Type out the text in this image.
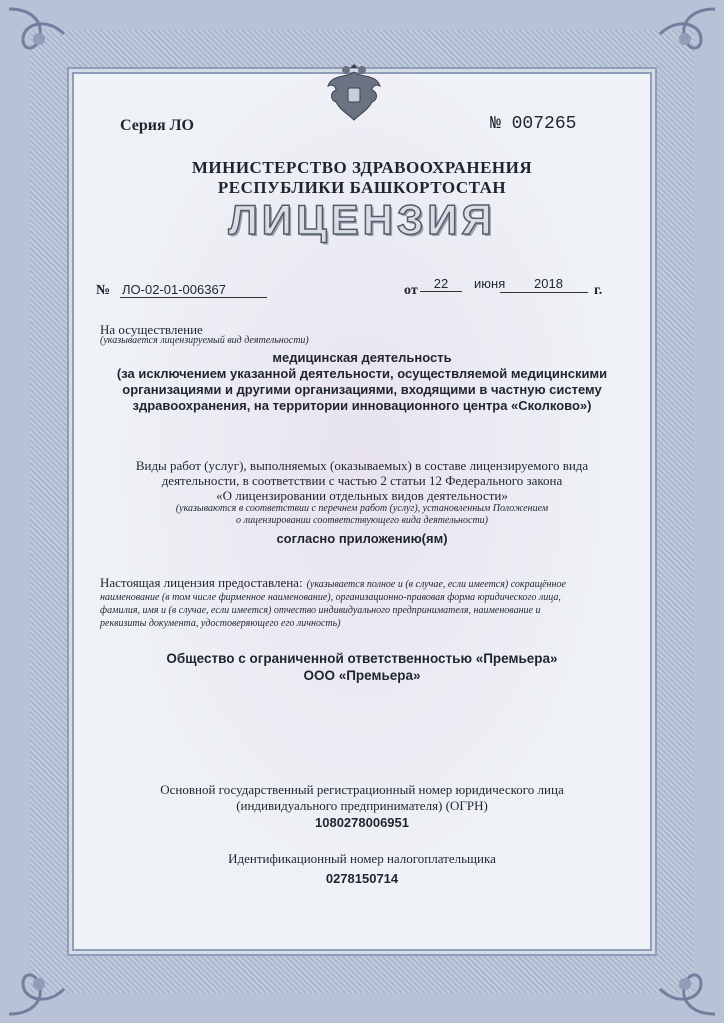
Серия ЛО	№ 007265
МИНИСТЕРСТВО ЗДРАВООХРАНЕНИЯ
РЕСПУБЛИКИ БАШКОРТОСТАН
ЛИЦЕНЗИЯ
№ ЛО-02-01-006367	от	22	июня 2018 г.
На осуществление
(указывается лицензируемый вид деятельности)
медицинская деятельность
(за исключением указанной деятельности, осуществляемой медицинскими
организациями и другими организациями, входящими в частную систему
здравоохранения, на территории инновационного центра «Сколково»)
Виды работ (услуг), выполняемых (оказываемых) в составе лицензируемого вида
деятельности, в соответствии с частью 2 статьи 12 Федерального закона
«О лицензировании отдельных видов деятельности»
(указываются в соответствии с перечнем работ (услуг), установленным Положением
о лицензировании соответствующего вида деятельности)
согласно приложению(ям)
Настоящая лицензия предоставлена: (указывается полное и (в случае, если имеется) сокращённое
наименование (в том числе фирменное наименование), организационно-правовая форма юридического лица,
фамилия, имя и (в случае, если имеется) отчество индивидуального предпринимателя, наименование и
реквизиты документа, удостоверяющего его личность)
Общество с ограниченной ответственностью «Премьера»
ООО «Премьера»
Основной государственный регистрационный номер юридического лица
(индивидуального предпринимателя) (ОГРН)
1080278006951
Идентификационный номер налогоплательщика
0278150714
